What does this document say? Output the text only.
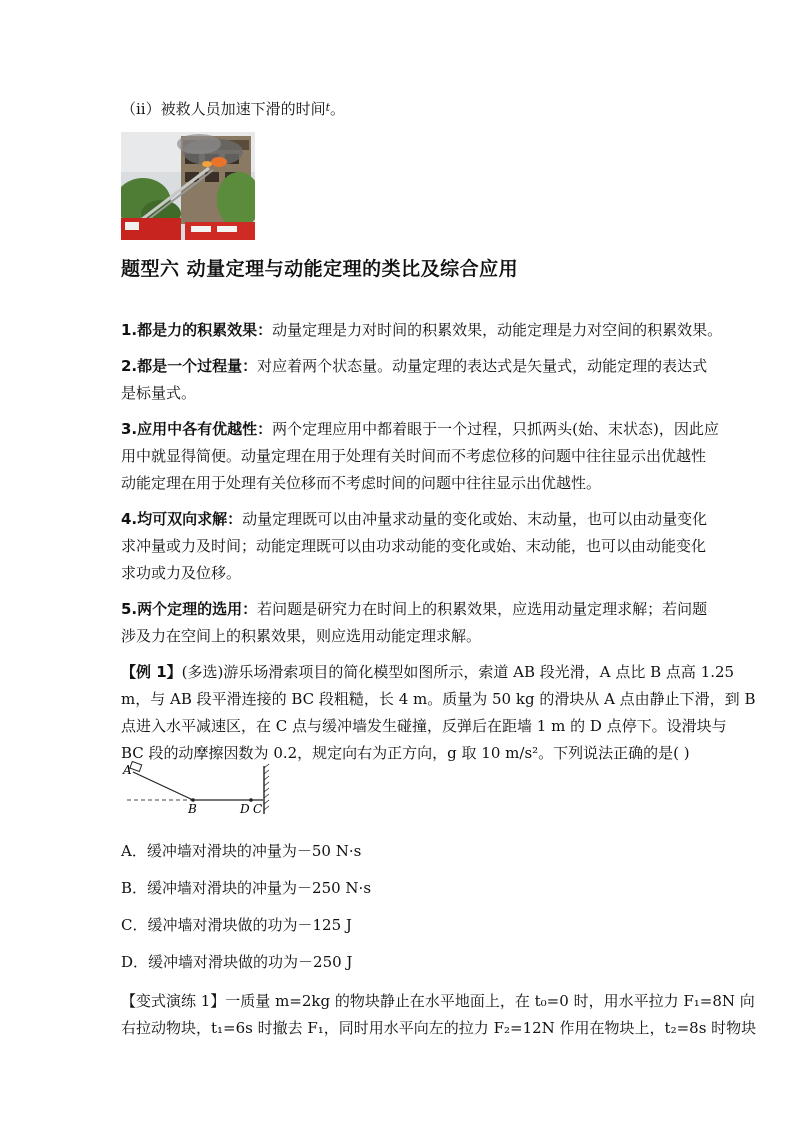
（ii）被救人员加速下滑的时间$^t$。
题型六 动量定理与动能定理的类比及综合应用
1.都是力的积累效果：动量定理是力对时间的积累效果，动能定理是力对空间的积累效果。
2.都是一个过程量：对应着两个状态量。动量定理的表达式是矢量式，动能定理的表达式
是标量式。
3.应用中各有优越性：两个定理应用中都着眼于一个过程，只抓两头(始、末状态)，因此应
用中就显得简便。动量定理在用于处理有关时间而不考虑位移的问题中往往显示出优越性
动能定理在用于处理有关位移而不考虑时间的问题中往往显示出优越性。
4.均可双向求解：动量定理既可以由冲量求动量的变化或始、末动量，也可以由动量变化
求冲量或力及时间；动能定理既可以由功求动能的变化或始、末动能，也可以由动能变化
求功或力及位移。
5.两个定理的选用：若问题是研究力在时间上的积累效果，应选用动量定理求解；若问题
涉及力在空间上的积累效果，则应选用动能定理求解。
【例 1】(多选)游乐场滑索项目的简化模型如图所示，索道 AB 段光滑，A 点比 B 点高 1.25
m，与 AB 段平滑连接的 BC 段粗糙，长 4 m。质量为 50 kg 的滑块从 A 点由静止下滑，到 B
点进入水平减速区，在 C 点与缓冲墙发生碰撞，反弹后在距墙 1 m 的 D 点停下。设滑块与
BC 段的动摩擦因数为 0.2，规定向右为正方向，g 取 10 m/s²。下列说法正确的是( )
A
B	D C
A．缓冲墙对滑块的冲量为－50 N·s
B．缓冲墙对滑块的冲量为－250 N·s
C．缓冲墙对滑块做的功为－125 J
D．缓冲墙对滑块做的功为－250 J
【变式演练 1】一质量 m=2kg 的物块静止在水平地面上，在 t₀=0 时，用水平拉力 F₁=8N 向
右拉动物块，t₁=6s 时撤去 F₁，同时用水平向左的拉力 F₂=12N 作用在物块上，t₂=8s 时物块
